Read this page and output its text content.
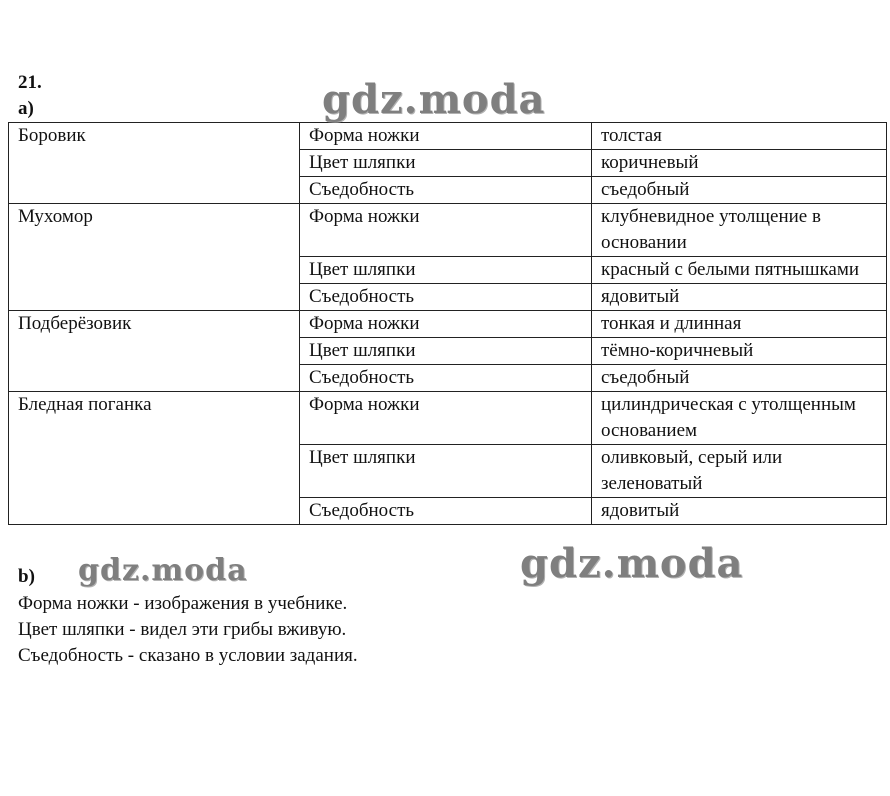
21.
а)
Боровик	Форма ножки	толстая
	Цвет шляпки	коричневый
	Съедобность	съедобный
Мухомор	Форма ножки	клубневидное утолщение в основании
	Цвет шляпки	красный с белыми пятнышками
	Съедобность	ядовитый
Подберёзовик	Форма ножки	тонкая и длинная
	Цвет шляпки	тёмно-коричневый
	Съедобность	съедобный
Бледная поганка	Форма ножки	цилиндрическая с утолщенным основанием
	Цвет шляпки	оливковый, серый или зеленоватый
	Съедобность	ядовитый
b)
Форма ножки - изображения в учебнике.
Цвет шляпки - видел эти грибы вживую.
Съедобность - сказано в условии задания.
gdz.moda
gdz.moda	gdz.moda
